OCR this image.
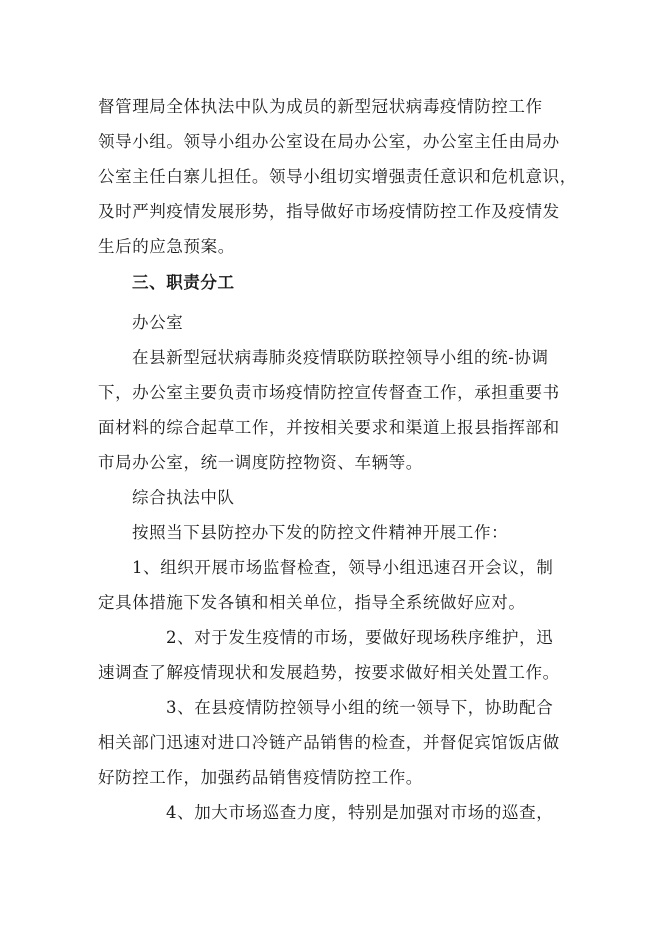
督管理局全体执法中队为成员的新型冠状病毒疫情防控工作

领导小组。领导小组办公室设在局办公室，办公室主任由局办

公室主任白寨儿担任。领导小组切实增强责任意识和危机意识，

及时严判疫情发展形势，指导做好市场疫情防控工作及疫情发

生后的应急预案。

三、职责分工

办公室

在县新型冠状病毒肺炎疫情联防联控领导小组的统-协调

下，办公室主要负责市场疫情防控宣传督查工作，承担重要书

面材料的综合起草工作，并按相关要求和渠道上报县指挥部和

市局办公室，统一调度防控物资、车辆等。

综合执法中队

按照当下县防控办下发的防控文件精神开展工作：

1、组织开展市场监督检查，领导小组迅速召开会议，制

定具体措施下发各镇和相关单位，指导全系统做好应对。

2、对于发生疫情的市场，要做好现场秩序维护，迅

速调查了解疫情现状和发展趋势，按要求做好相关处置工作。

3、在县疫情防控领导小组的统一领导下，协助配合

相关部门迅速对进口冷链产品销售的检查，并督促宾馆饭店做

好防控工作，加强药品销售疫情防控工作。

4、加大市场巡查力度，特别是加强对市场的巡查，
